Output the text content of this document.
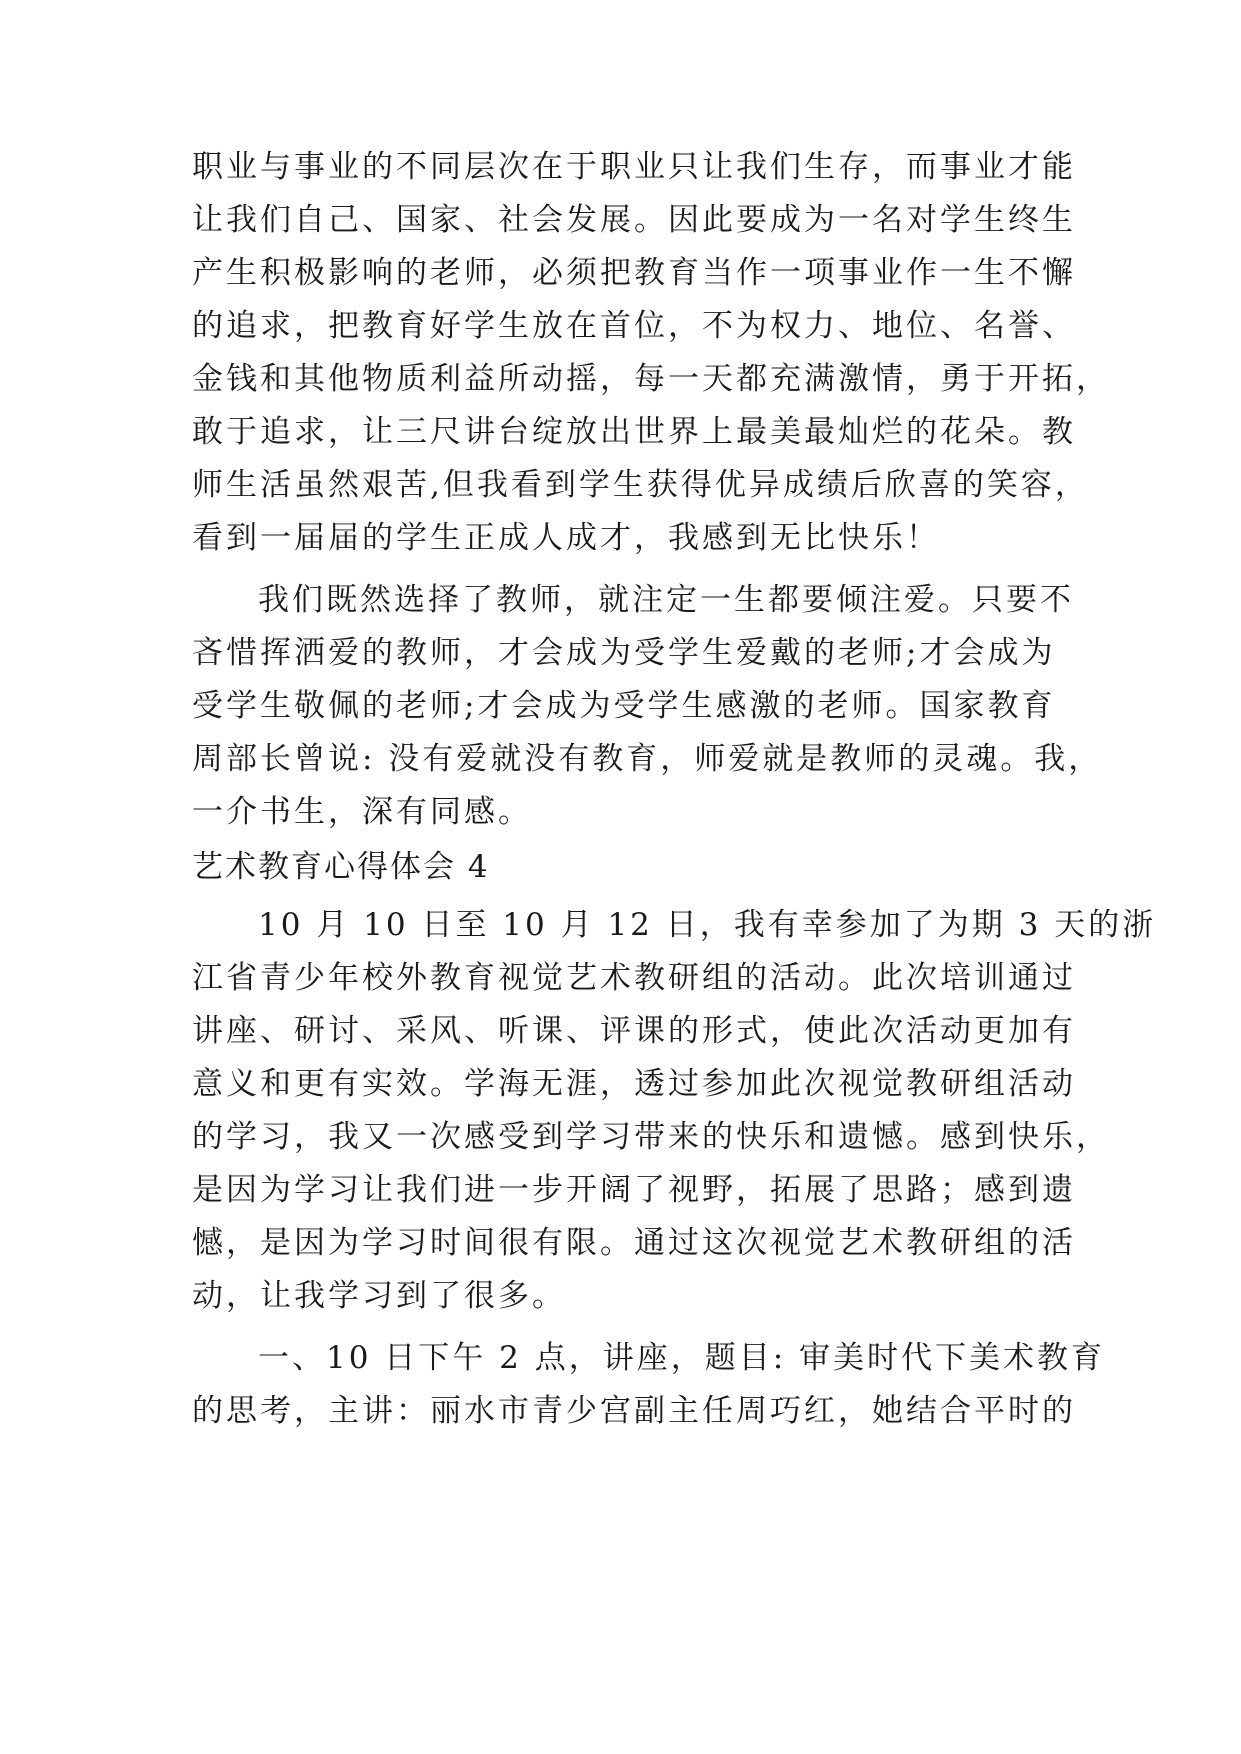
职业与事业的不同层次在于职业只让我们生存，而事业才能
让我们自己、国家、社会发展。因此要成为一名对学生终生
产生积极影响的老师，必须把教育当作一项事业作一生不懈
的追求，把教育好学生放在首位，不为权力、地位、名誉、
金钱和其他物质利益所动摇，每一天都充满激情，勇于开拓，
敢于追求，让三尺讲台绽放出世界上最美最灿烂的花朵。教
师生活虽然艰苦,但我看到学生获得优异成绩后欣喜的笑容，
看到一届届的学生正成人成才，我感到无比快乐！
我们既然选择了教师，就注定一生都要倾注爱。只要不
吝惜挥洒爱的教师，才会成为受学生爱戴的老师;才会成为
受学生敬佩的老师;才会成为受学生感激的老师。国家教育
周部长曾说: 没有爱就没有教育，师爱就是教师的灵魂。我，
一介书生，深有同感。
艺术教育心得体会 4
10 月 10 日至 10 月 12 日，我有幸参加了为期 3 天的浙
江省青少年校外教育视觉艺术教研组的活动。此次培训通过
讲座、研讨、采风、听课、评课的形式，使此次活动更加有
意义和更有实效。学海无涯，透过参加此次视觉教研组活动
的学习，我又一次感受到学习带来的快乐和遗憾。感到快乐，
是因为学习让我们进一步开阔了视野，拓展了思路；感到遗
憾，是因为学习时间很有限。通过这次视觉艺术教研组的活
动，让我学习到了很多。
一、10 日下午 2 点，讲座，题目: 审美时代下美术教育
的思考，主讲：丽水市青少宫副主任周巧红，她结合平时的
